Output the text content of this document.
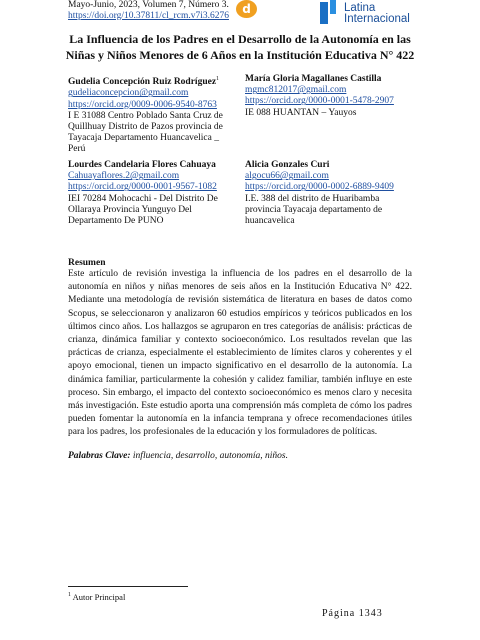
Mayo-Junio, 2023, Volumen 7, Número 3.
https://doi.org/10.37811/cl_rcm.v7i3.6276	d	Latina
Internacional
La Influencia de los Padres en el Desarrollo de la Autonomía en las Niñas y Niños Menores de 6 Años en la Institución Educativa N° 422
Gudelia Concepción Ruiz Rodríguez$^1$
gudeliaconcepcion@gmail.com
https://orcid.org/0009-0006-9540-8763
I E 31088 Centro Poblado Santa Cruz de
Quillhuay Distrito de Pazos provincia de
Tayacaja Departamento Huancavelica _
Perú
María Gloria Magallanes Castilla
mgmc812017@gmail.com
https://orcid.org/0000-0001-5478-2907
IE 088 HUANTAN – Yauyos
Lourdes Candelaria Flores Cahuaya
Cahuayaflores.2@gmail.com
https://orcid.org/0000-0001-9567-1082
IEI 70284 Mohocachi - Del Distrito De
Ollaraya Provincia Yunguyo Del
Departamento De PUNO
Alicia Gonzales Curi
algocu66@gmail.com
https://orcid.org/0000-0002-6889-9409
I.E. 388 del distrito de Huaribamba
provincia Tayacaja departamento de
huancavelica
Resumen
Este artículo de revisión investiga la influencia de los padres en el desarrollo de la autonomía en niños y niñas menores de seis años en la Institución Educativa N° 422. Mediante una metodología de revisión sistemática de literatura en bases de datos como Scopus, se seleccionaron y analizaron 60 estudios empíricos y teóricos publicados en los últimos cinco años. Los hallazgos se agruparon en tres categorías de análisis: prácticas de crianza, dinámica familiar y contexto socioeconómico. Los resultados revelan que las prácticas de crianza, especialmente el establecimiento de límites claros y coherentes y el apoyo emocional, tienen un impacto significativo en el desarrollo de la autonomía. La dinámica familiar, particularmente la cohesión y calidez familiar, también influye en este proceso. Sin embargo, el impacto del contexto socioeconómico es menos claro y necesita más investigación. Este estudio aporta una comprensión más completa de cómo los padres pueden fomentar la autonomía en la infancia temprana y ofrece recomendaciones útiles para los padres, los profesionales de la educación y los formuladores de políticas.
Palabras Clave: influencia, desarrollo, autonomía, niños.
$^1$ Autor Principal
Página 1343
